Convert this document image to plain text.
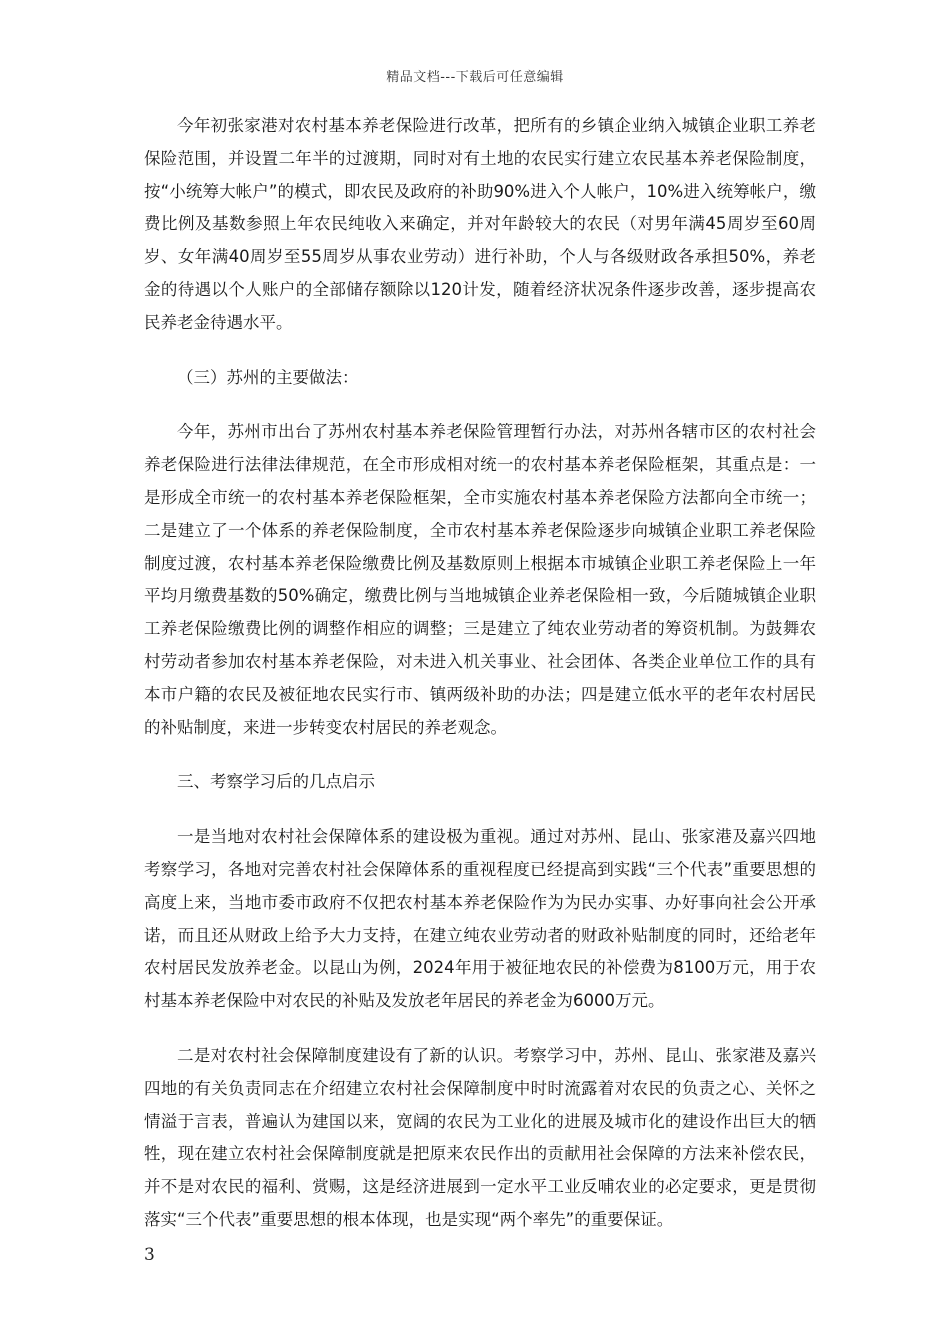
精品文档---下载后可任意编辑

今年初张家港对农村基本养老保险进行改革，把所有的乡镇企业纳入城镇企业职工养老保险范围，并设置二年半的过渡期，同时对有土地的农民实行建立农民基本养老保险制度，按“小统筹大帐户”的模式，即农民及政府的补助90%进入个人帐户，10%进入统筹帐户，缴费比例及基数参照上年农民纯收入来确定，并对年龄较大的农民（对男年满45周岁至60周岁、女年满40周岁至55周岁从事农业劳动）进行补助，个人与各级财政各承担50%，养老金的待遇以个人账户的全部储存额除以120计发，随着经济状况条件逐步改善，逐步提高农民养老金待遇水平。

（三）苏州的主要做法：

今年，苏州市出台了苏州农村基本养老保险管理暂行办法，对苏州各辖市区的农村社会养老保险进行法律法律规范，在全市形成相对统一的农村基本养老保险框架，其重点是：一是形成全市统一的农村基本养老保险框架，全市实施农村基本养老保险方法都向全市统一；二是建立了一个体系的养老保险制度，全市农村基本养老保险逐步向城镇企业职工养老保险制度过渡，农村基本养老保险缴费比例及基数原则上根据本市城镇企业职工养老保险上一年平均月缴费基数的50%确定，缴费比例与当地城镇企业养老保险相一致，今后随城镇企业职工养老保险缴费比例的调整作相应的调整；三是建立了纯农业劳动者的筹资机制。为鼓舞农村劳动者参加农村基本养老保险，对未进入机关事业、社会团体、各类企业单位工作的具有本市户籍的农民及被征地农民实行市、镇两级补助的办法；四是建立低水平的老年农村居民的补贴制度，来进一步转变农村居民的养老观念。

三、考察学习后的几点启示

一是当地对农村社会保障体系的建设极为重视。通过对苏州、昆山、张家港及嘉兴四地考察学习，各地对完善农村社会保障体系的重视程度已经提高到实践“三个代表”重要思想的高度上来，当地市委市政府不仅把农村基本养老保险作为为民办实事、办好事向社会公开承诺，而且还从财政上给予大力支持，在建立纯农业劳动者的财政补贴制度的同时，还给老年农村居民发放养老金。以昆山为例，2024年用于被征地农民的补偿费为8100万元，用于农村基本养老保险中对农民的补贴及发放老年居民的养老金为6000万元。

二是对农村社会保障制度建设有了新的认识。考察学习中，苏州、昆山、张家港及嘉兴四地的有关负责同志在介绍建立农村社会保障制度中时时流露着对农民的负责之心、关怀之情溢于言表，普遍认为建国以来，宽阔的农民为工业化的进展及城市化的建设作出巨大的牺牲，现在建立农村社会保障制度就是把原来农民作出的贡献用社会保障的方法来补偿农民，并不是对农民的福利、赏赐，这是经济进展到一定水平工业反哺农业的必定要求，更是贯彻落实“三个代表”重要思想的根本体现，也是实现“两个率先”的重要保证。

3
